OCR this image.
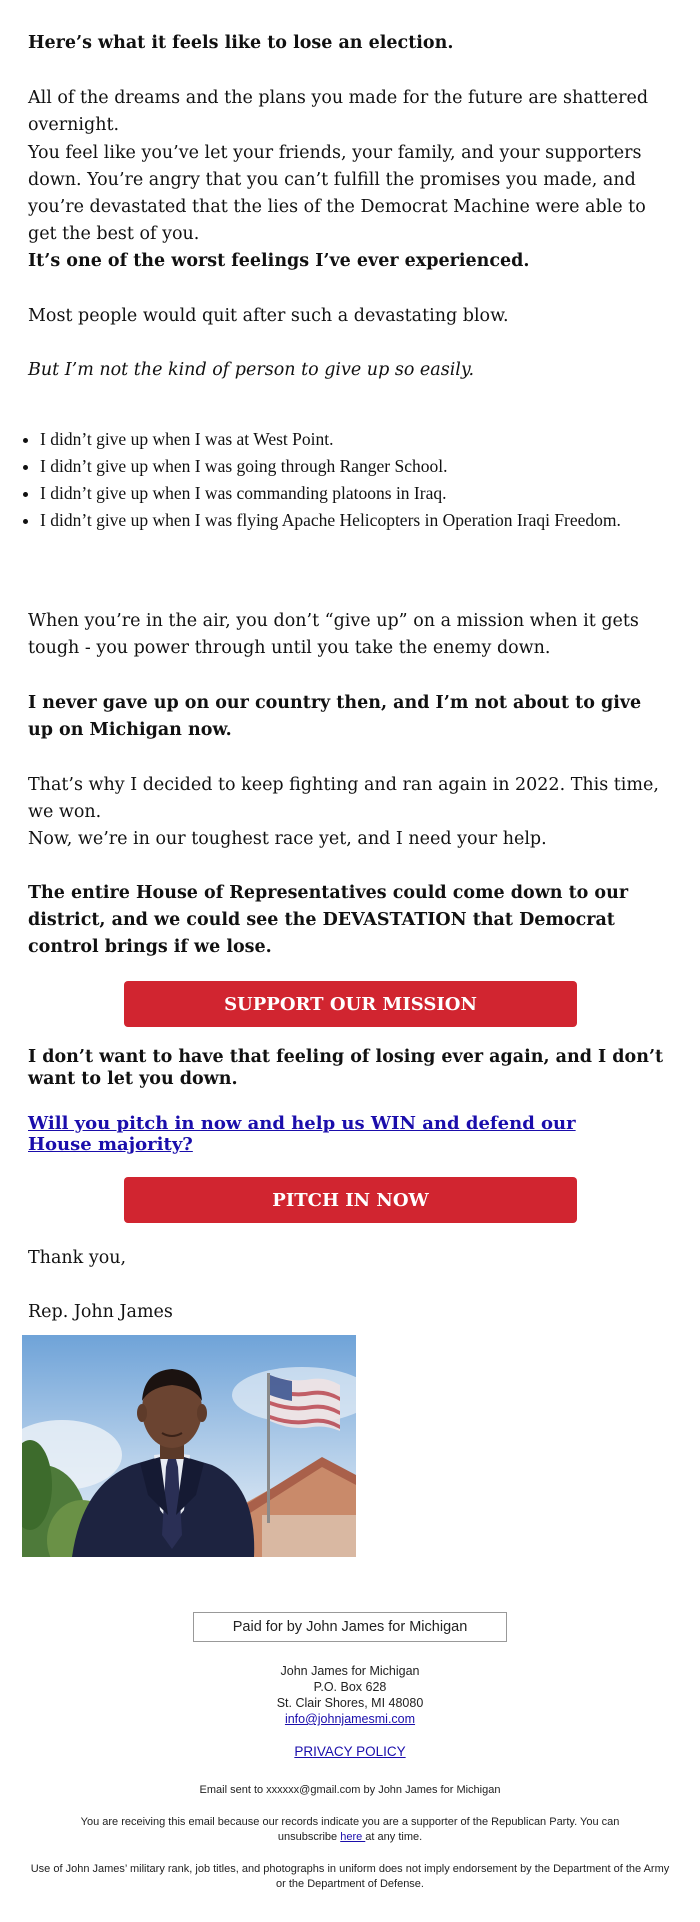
Here’s what it feels like to lose an election.

All of the dreams and the plans you made for the future are shattered overnight.

You feel like you’ve let your friends, your family, and your supporters down. You’re angry that you can’t fulfill the promises you made, and you’re devastated that the lies of the Democrat Machine were able to get the best of you.

It’s one of the worst feelings I’ve ever experienced.

Most people would quit after such a devastating blow.

But I’m not the kind of person to give up so easily.

• I didn’t give up when I was at West Point.
• I didn’t give up when I was going through Ranger School.
• I didn’t give up when I was commanding platoons in Iraq.
• I didn’t give up when I was flying Apache Helicopters in Operation Iraqi Freedom.

When you’re in the air, you don’t “give up” on a mission when it gets tough - you power through until you take the enemy down.

I never gave up on our country then, and I’m not about to give up on Michigan now.

That’s why I decided to keep fighting and ran again in 2022. This time, we won.

Now, we’re in our toughest race yet, and I need your help.

The entire House of Representatives could come down to our district, and we could see the DEVASTATION that Democrat control brings if we lose.

I don’t want to have that feeling of losing ever again, and I don’t want to let you down.

SUPPORT OUR MISSION
Will you pitch in now and help us WIN and defend our House majority?
PITCH IN NOW

Thank you,

Rep. John James

Paid for by John James for Michigan
John James for Michigan
P.O. Box 628
St. Clair Shores, MI 48080
info@johnjamesmi.com
PRIVACY POLICY
Email sent to xxxxxx@gmail.com by John James for Michigan
You are receiving this email because our records indicate you are a supporter of the Republican Party. You can unsubscribe here at any time.
Use of John James’ military rank, job titles, and photographs in uniform does not imply endorsement by the Department of the Army or the Department of Defense.
